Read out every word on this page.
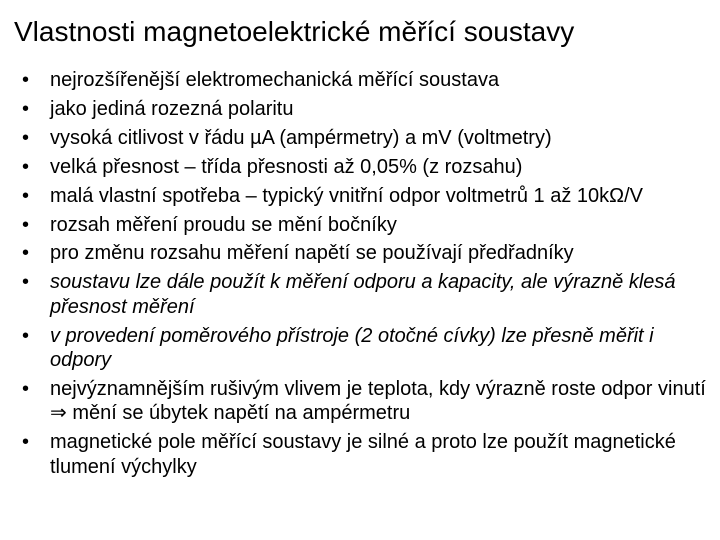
Vlastnosti magnetoelektrické měřící soustavy
• nejrozšířenější elektromechanická měřící soustava
• jako jediná rozezná polaritu
• vysoká citlivost v řádu µA (ampérmetry) a mV (voltmetry)
• velká přesnost – třída přesnosti až 0,05% (z rozsahu)
• malá vlastní spotřeba – typický vnitřní odpor voltmetrů 1 až 10kΩ/V
• rozsah měření proudu se mění bočníky
• pro změnu rozsahu měření napětí se používají předřadníky
• soustavu lze dále použít k měření odporu a kapacity, ale výrazně klesá přesnost měření
• v provedení poměrového přístroje (2 otočné cívky) lze přesně měřit i odpory
• nejvýznamnějším rušivým vlivem je teplota, kdy výrazně roste odpor vinutí ⇒ mění se úbytek napětí na ampérmetru
• magnetické pole měřící soustavy je silné a proto lze použít magnetické tlumení výchylky
